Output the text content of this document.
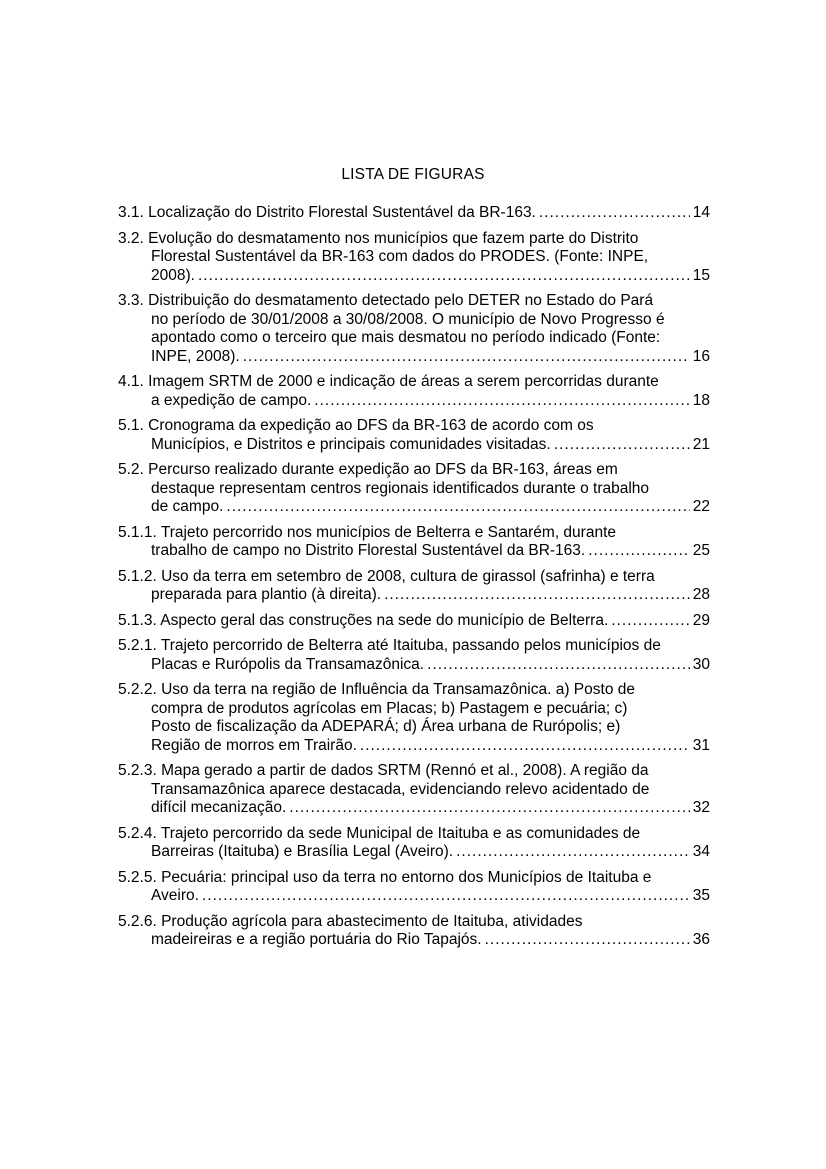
LISTA DE FIGURAS
3.1. Localização do Distrito Florestal Sustentável da BR-163. .....	14
3.2. Evolução do desmatamento nos municípios que fazem parte do Distrito
Florestal Sustentável da BR-163 com dados do PRODES. (Fonte: INPE,
2008). .....	15
3.3. Distribuição do desmatamento detectado pelo DETER no Estado do Pará
no período de 30/01/2008 a 30/08/2008. O município de Novo Progresso é
apontado como o terceiro que mais desmatou no período indicado (Fonte:
INPE, 2008). .....	16
4.1. Imagem SRTM de 2000 e indicação de áreas a serem percorridas durante
a expedição de campo. .....	18
5.1. Cronograma da expedição ao DFS da BR-163 de acordo com os
Municípios, e Distritos e principais comunidades visitadas. .....	21
5.2. Percurso realizado durante expedição ao DFS da BR-163, áreas em
destaque representam centros regionais identificados durante o trabalho
de campo. .....	22
5.1.1. Trajeto percorrido nos municípios de Belterra e Santarém, durante
trabalho de campo no Distrito Florestal Sustentável da BR-163. .....	25
5.1.2. Uso da terra em setembro de 2008, cultura de girassol (safrinha) e terra
preparada para plantio (à direita). .....	28
5.1.3. Aspecto geral das construções na sede do município de Belterra. .....	29
5.2.1. Trajeto percorrido de Belterra até Itaituba, passando pelos municípios de
Placas e Rurópolis da Transamazônica. .....	30
5.2.2. Uso da terra na região de Influência da Transamazônica. a) Posto de
compra de produtos agrícolas em Placas; b) Pastagem e pecuária; c)
Posto de fiscalização da ADEPARÁ; d) Área urbana de Rurópolis; e)
Região de morros em Trairão. .....	31
5.2.3. Mapa gerado a partir de dados SRTM (Rennó et al., 2008). A região da
Transamazônica aparece destacada, evidenciando relevo acidentado de
difícil mecanização. .....	32
5.2.4. Trajeto percorrido da sede Municipal de Itaituba e as comunidades de
Barreiras (Itaituba) e Brasília Legal (Aveiro). .....	34
5.2.5. Pecuária: principal uso da terra no entorno dos Municípios de Itaituba e
Aveiro. .....	35
5.2.6. Produção agrícola para abastecimento de Itaituba, atividades
madeireiras e a região portuária do Rio Tapajós. .....	36
